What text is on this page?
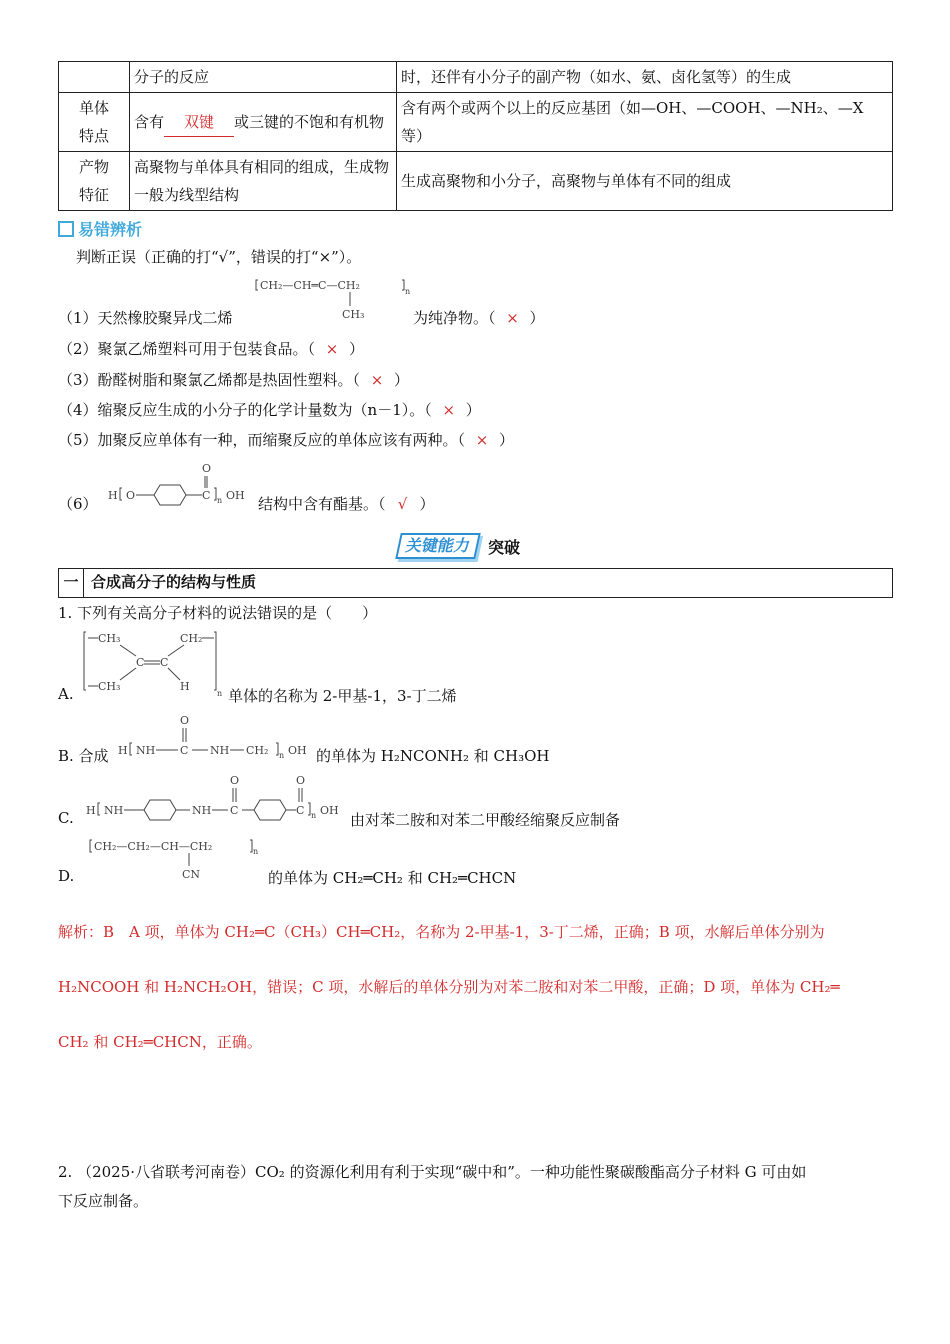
	分子的反应	时，还伴有小分子的副产物（如水、氨、卤化氢等）的生成
单体特点	含有 双键 或三键的不饱和有机物	含有两个或两个以上的反应基团（如—OH、—COOH、—NH₂、—X 等）
产物特征	高聚物与单体具有相同的组成，生成物一般为线型结构	生成高聚物和小分子，高聚物与单体有不同的组成
易错辨析
判断正误（正确的打“√”，错误的打“×”）。
CH₂—CH═C—CH₂	n
CH₃
（1）天然橡胶聚异戊二烯	为纯净物。（ × ）
（2）聚氯乙烯塑料可用于包装食品。（ × ）
（3）酚醛树脂和聚氯乙烯都是热固性塑料。（ × ）
（4）缩聚反应生成的小分子的化学计量数为（n－1）。（ × ）
（5）加聚反应单体有一种，而缩聚反应的单体应该有两种。（ × ）
（6） H O	C
O
n OH 结构中含有酯基。（ √ ）
关键能力 突破
一 合成高分子的结构与性质
1. 下列有关高分子材料的说法错误的是（　　）
CH₃	CH₂
C C
CH₃	H
n
A.	单体的名称为 2-甲基-1，3-丁二烯
B. 合成 H NH C
O
NH CH₂ n OH 的单体为 H₂NCONH₂ 和 CH₃OH
C. H NH	NH C
O
C
O
n OH
由对苯二胺和对苯二甲酸经缩聚反应制备
CH₂—CH₂—CH—CH₂	n
CN
D.	的单体为 CH₂═CH₂ 和 CH₂═CHCN
解析：B　A 项，单体为 CH₂═C（CH₃）CH═CH₂，名称为 2-甲基-1，3-丁二烯，正确；B 项，水解后单体分别为
H₂NCOOH 和 H₂NCH₂OH，错误；C 项，水解后的单体分别为对苯二胺和对苯二甲酸，正确；D 项，单体为 CH₂═
CH₂ 和 CH₂═CHCN，正确。
2. （2025·八省联考河南卷）CO₂ 的资源化利用有利于实现“碳中和”。一种功能性聚碳酸酯高分子材料 G 可由如
下反应制备。
